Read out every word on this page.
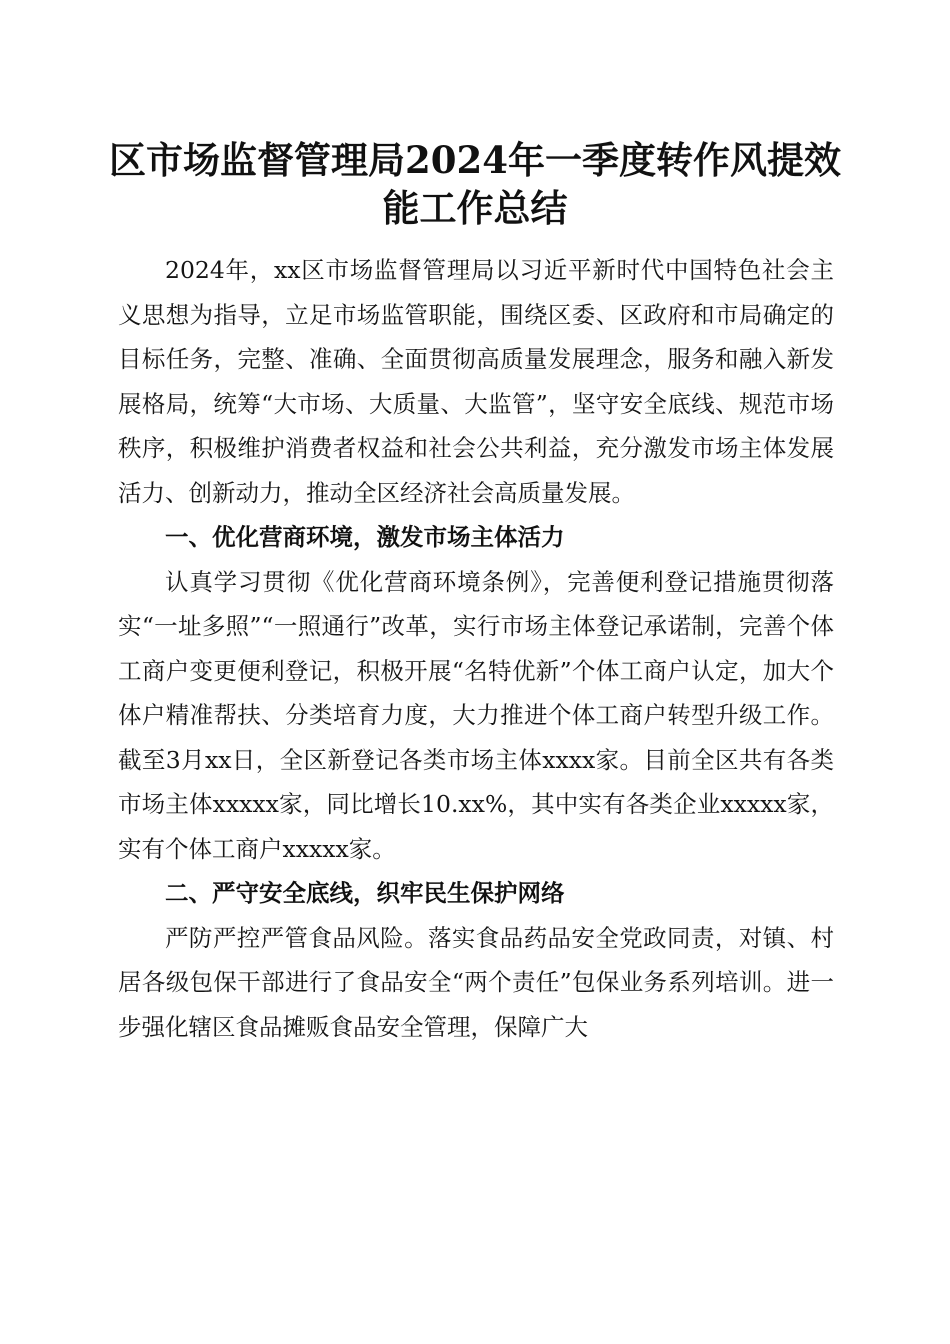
区市场监督管理局2024年一季度转作风提效能工作总结

2024年，xx区市场监督管理局以习近平新时代中国特色社会主义思想为指导，立足市场监管职能，围绕区委、区政府和市局确定的目标任务，完整、准确、全面贯彻高质量发展理念，服务和融入新发展格局，统筹“大市场、大质量、大监管”，坚守安全底线、规范市场秩序，积极维护消费者权益和社会公共利益，充分激发市场主体发展活力、创新动力，推动全区经济社会高质量发展。

一、优化营商环境，激发市场主体活力

认真学习贯彻《优化营商环境条例》，完善便利登记措施贯彻落实“一址多照”“一照通行”改革，实行市场主体登记承诺制，完善个体工商户变更便利登记，积极开展“名特优新”个体工商户认定，加大个体户精准帮扶、分类培育力度，大力推进个体工商户转型升级工作。截至3月xx日，全区新登记各类市场主体xxxx家。目前全区共有各类市场主体xxxxx家，同比增长10.xx%，其中实有各类企业xxxxx家，实有个体工商户xxxxx家。

二、严守安全底线，织牢民生保护网络

严防严控严管食品风险。落实食品药品安全党政同责，对镇、村居各级包保干部进行了食品安全“两个责任”包保业务系列培训。进一步强化辖区食品摊贩食品安全管理，保障广大
